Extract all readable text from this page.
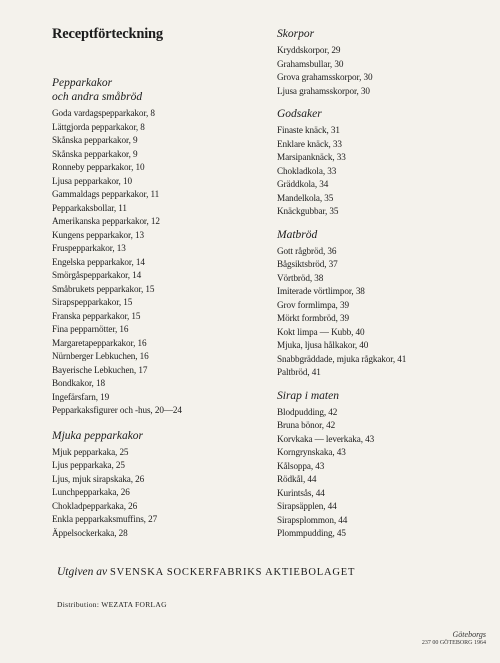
Receptförteckning
Pepparkakor
och andra småbröd
Goda vardagspepparkakor, 8
Lättgjorda pepparkakor, 8
Skånska pepparkakor, 9
Skånska pepparkakor, 9
Ronneby pepparkakor, 10
Ljusa pepparkakor, 10
Gammaldags pepparkakor, 11
Pepparkaksbollar, 11
Amerikanska pepparkakor, 12
Kungens pepparkakor, 13
Fruspepparkakor, 13
Engelska pepparkakor, 14
Smörgåspepparkakor, 14
Småbrukets pepparkakor, 15
Sirapspepparkakor, 15
Franska pepparkakor, 15
Fina pepparnötter, 16
Margaretapepparkakor, 16
Nürnberger Lebkuchen, 16
Bayerische Lebkuchen, 17
Bondkakor, 18
Ingefärsfarn, 19
Pepparkaksfigurer och -hus, 20—24
Mjuka pepparkakor
Mjuk pepparkaka, 25
Ljus pepparkaka, 25
Ljus, mjuk sirapskaka, 26
Lunchpepparkaka, 26
Chokladpepparkaka, 26
Enkla pepparkaksmuffins, 27
Äppelsockerkaka, 28
Skorpor
Kryddskorpor, 29
Grahamsbullar, 30
Grova grahamsskorpor, 30
Ljusa grahamsskorpor, 30
Godsaker
Finaste knäck, 31
Enklare knäck, 33
Marsipanknäck, 33
Chokladkola, 33
Gräddkola, 34
Mandelkola, 35
Knäckgubbar, 35
Matbröd
Gott rågbröd, 36
Bågsiktsbröd, 37
Vörtbröd, 38
Imiterade vörtlimpor, 38
Grov formlimpa, 39
Mörkt formbröd, 39
Kokt limpa — Kubb, 40
Mjuka, ljusa hålkakor, 40
Snabbgräddade, mjuka rågkakor, 41
Paltbröd, 41
Sirap i maten
Blodpudding, 42
Bruna bönor, 42
Korvkaka — leverkaka, 43
Korngrynskaka, 43
Kålsoppa, 43
Rödkål, 44
Kurintsås, 44
Sirapsäpplen, 44
Sirapsplommon, 44
Plommpudding, 45
Utgiven av SVENSKA SOCKERFABRIKS AKTIEBOLAGET
Distribution: WEZATA FORLAG
Göteborgs
237 00 GÖTEBORG 1964
